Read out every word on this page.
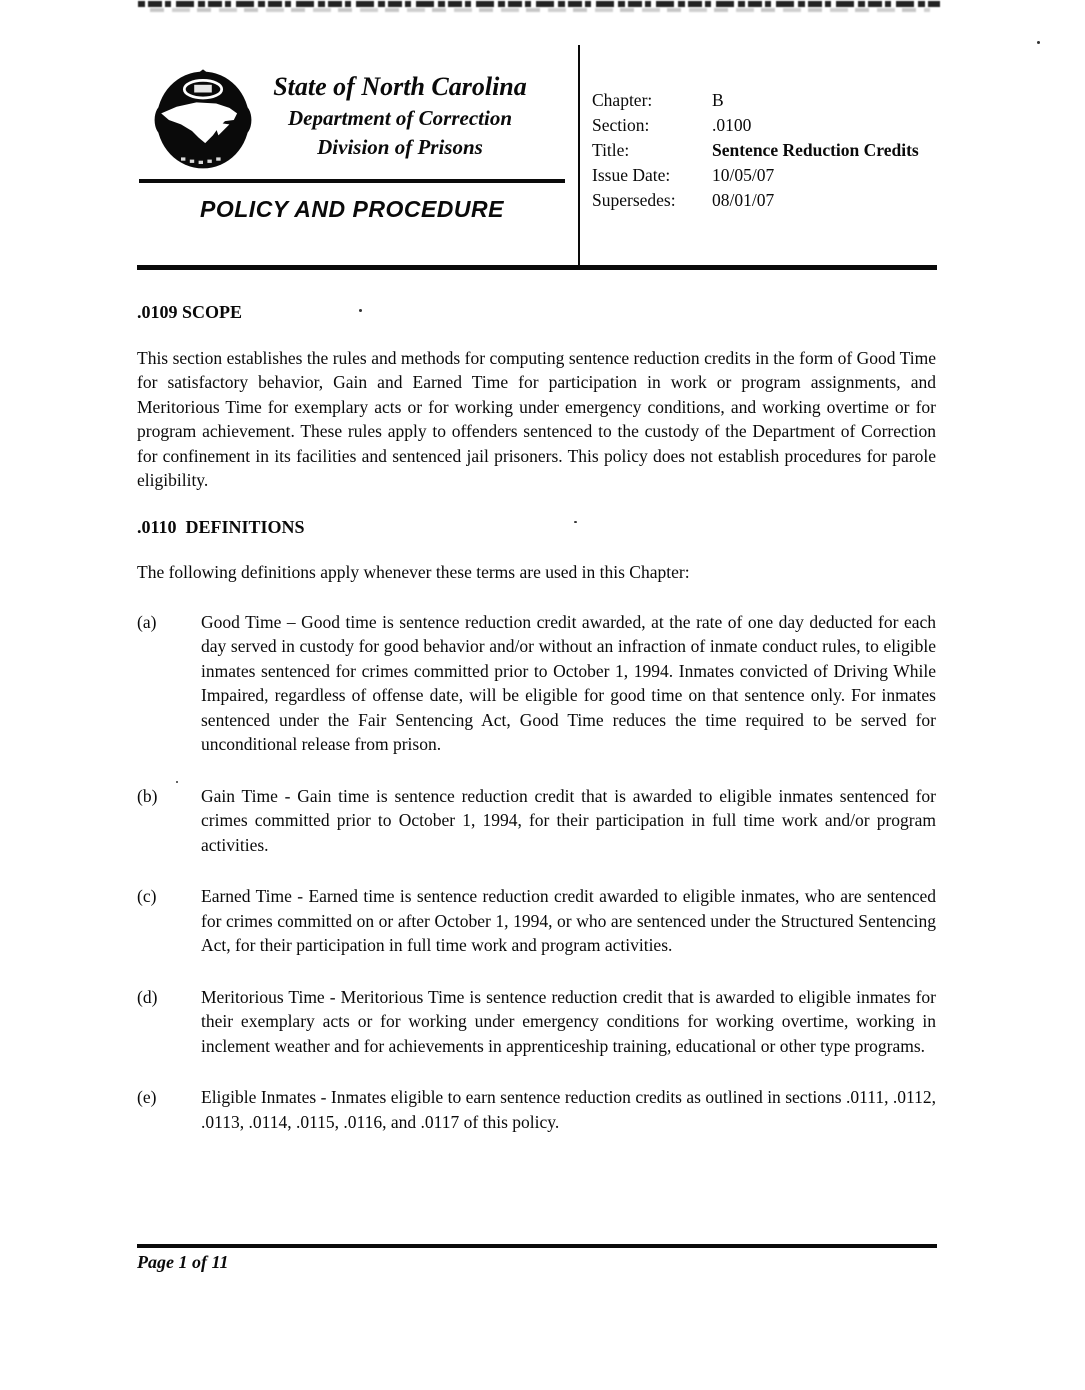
State of North Carolina
Department of Correction
Division of Prisons
POLICY AND PROCEDURE
Chapter:	B
Section:	.0100
Title:	Sentence Reduction Credits
Issue Date:	10/05/07
Supersedes:	08/01/07
.0109 SCOPE

This section establishes the rules and methods for computing sentence reduction credits in the form of Good Time for satisfactory behavior, Gain and Earned Time for participation in work or program assignments, and Meritorious Time for exemplary acts or for working under emergency conditions, and working overtime or for program achievement. These rules apply to offenders sentenced to the custody of the Department of Correction for confinement in its facilities and sentenced jail prisoners. This policy does not establish procedures for parole eligibility.

.0110  DEFINITIONS

The following definitions apply whenever these terms are used in this Chapter:

(a)	Good Time – Good time is sentence reduction credit awarded, at the rate of one day deducted for each day served in custody for good behavior and/or without an infraction of inmate conduct rules, to eligible inmates sentenced for crimes committed prior to October 1, 1994. Inmates convicted of Driving While Impaired, regardless of offense date, will be eligible for good time on that sentence only. For inmates sentenced under the Fair Sentencing Act, Good Time reduces the time required to be served for unconditional release from prison.
(b)	Gain Time - Gain time is sentence reduction credit that is awarded to eligible inmates sentenced for crimes committed prior to October 1, 1994, for their participation in full time work and/or program activities.
(c)	Earned Time - Earned time is sentence reduction credit awarded to eligible inmates, who are sentenced for crimes committed on or after October 1, 1994, or who are sentenced under the Structured Sentencing Act, for their participation in full time work and program activities.
(d)	Meritorious Time - Meritorious Time is sentence reduction credit that is awarded to eligible inmates for their exemplary acts or for working under emergency conditions for working overtime, working in inclement weather and for achievements in apprenticeship training, educational or other type programs.
(e)	Eligible Inmates - Inmates eligible to earn sentence reduction credits as outlined in sections .0111, .0112, .0113, .0114, .0115, .0116, and .0117 of this policy.
Page 1 of 11
